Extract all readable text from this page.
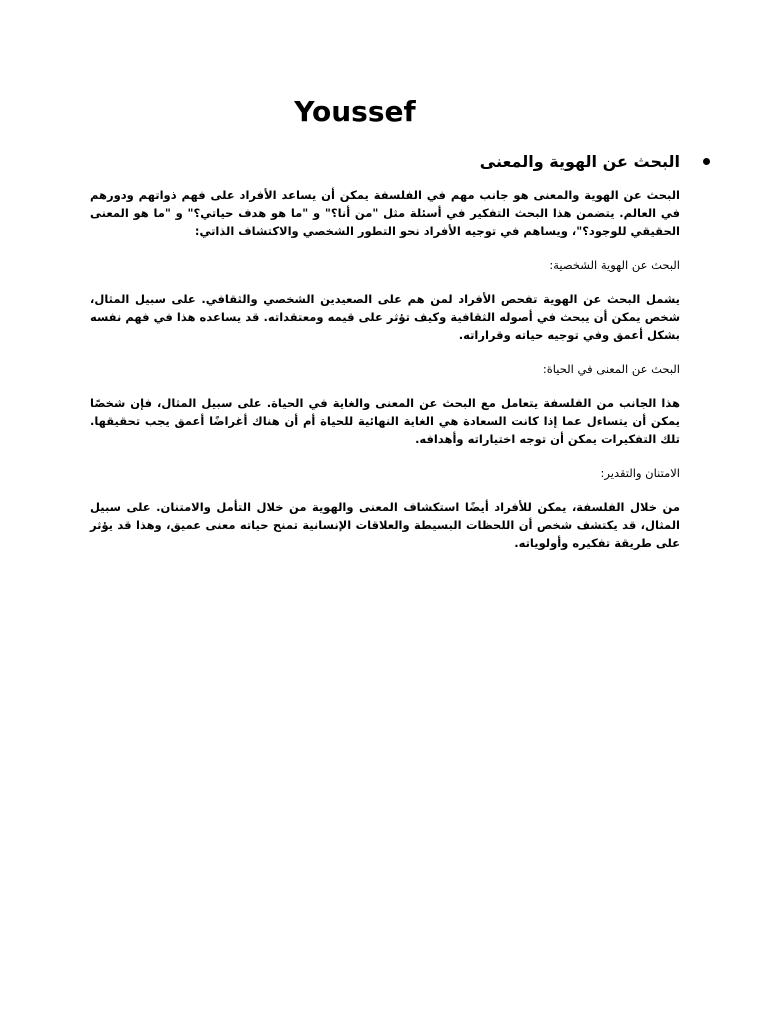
Youssef
البحث عن الهوية والمعنى

البحث عن الهوية والمعنى هو جانب مهم في الفلسفة يمكن أن يساعد الأفراد على فهم ذواتهم ودورهم في العالم. يتضمن هذا البحث التفكير في أسئلة مثل "من أنا؟" و "ما هو هدف حياتي؟" و "ما هو المعنى الحقيقي للوجود؟"، ويساهم في توجيه الأفراد نحو التطور الشخصي والاكتشاف الذاتي:

البحث عن الهوية الشخصية:

يشمل البحث عن الهوية تفحص الأفراد لمن هم على الصعيدين الشخصي والثقافي. على سبيل المثال، شخص يمكن أن يبحث في أصوله الثقافية وكيف تؤثر على قيمه ومعتقداته. قد يساعده هذا في فهم نفسه بشكل أعمق وفي توجيه حياته وقراراته.

البحث عن المعنى في الحياة:

هذا الجانب من الفلسفة يتعامل مع البحث عن المعنى والغاية في الحياة. على سبيل المثال، فإن شخصًا يمكن أن يتساءل عما إذا كانت السعادة هي الغاية النهائية للحياة أم أن هناك أغراضًا أعمق يجب تحقيقها. تلك التفكيرات يمكن أن توجه اختياراته وأهدافه.

الامتنان والتقدير:

من خلال الفلسفة، يمكن للأفراد أيضًا استكشاف المعنى والهوية من خلال التأمل والامتنان. على سبيل المثال، قد يكتشف شخص أن اللحظات البسيطة والعلاقات الإنسانية تمنح حياته معنى عميق، وهذا قد يؤثر على طريقة تفكيره وأولوياته.
